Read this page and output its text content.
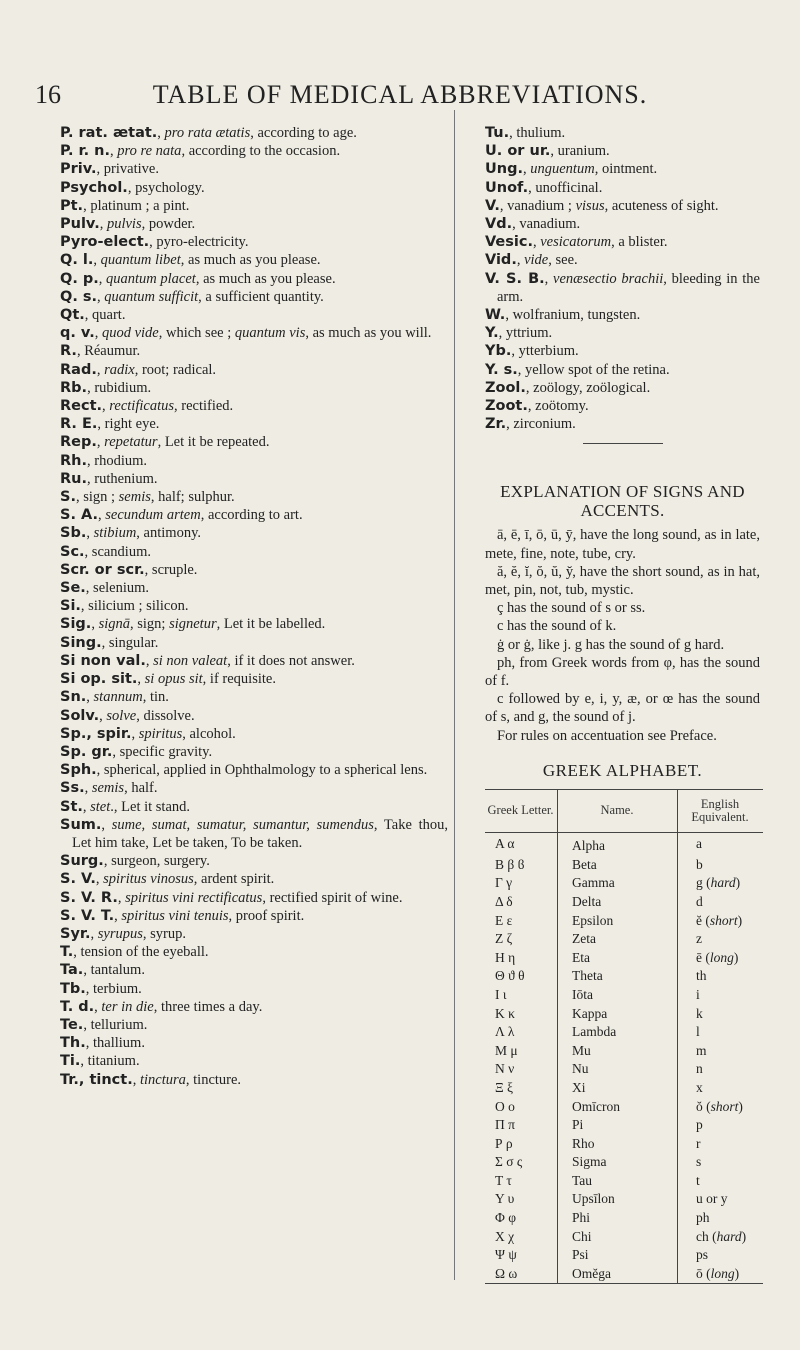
16	TABLE OF MEDICAL ABBREVIATIONS.
P. rat. ætat., pro rata ætatis, according to age.
P. r. n., pro re nata, according to the occasion.
Priv., privative.
Psychol., psychology.
Pt., platinum ; a pint.
Pulv., pulvis, powder.
Pyro-elect., pyro-electricity.
Q. l., quantum libet, as much as you please.
Q. p., quantum placet, as much as you please.
Q. s., quantum sufficit, a sufficient quantity.
Qt., quart.
q. v., quod vide, which see ; quantum vis, as much as you will.
R., Réaumur.
Rad., radix, root; radical.
Rb., rubidium.
Rect., rectificatus, rectified.
R. E., right eye.
Rep., repetatur, Let it be repeated.
Rh., rhodium.
Ru., ruthenium.
S., sign ; semis, half; sulphur.
S. A., secundum artem, according to art.
Sb., stibium, antimony.
Sc., scandium.
Scr. or scr., scruple.
Se., selenium.
Si., silicium ; silicon.
Sig., signā, sign; signetur, Let it be labelled.
Sing., singular.
Si non val., si non valeat, if it does not answer.
Si op. sit., si opus sit, if requisite.
Sn., stannum, tin.
Solv., solve, dissolve.
Sp., spir., spiritus, alcohol.
Sp. gr., specific gravity.
Sph., spherical, applied in Ophthalmology to a spherical lens.
Ss., semis, half.
St., stet., Let it stand.
Sum., sume, sumat, sumatur, sumantur, sumendus, Take thou, Let him take, Let be taken, To be taken.
Surg., surgeon, surgery.
S. V., spiritus vinosus, ardent spirit.
S. V. R., spiritus vini rectificatus, rectified spirit of wine.
S. V. T., spiritus vini tenuis, proof spirit.
Syr., syrupus, syrup.
T., tension of the eyeball.
Ta., tantalum.
Tb., terbium.
T. d., ter in die, three times a day.
Te., tellurium.
Th., thallium.
Ti., titanium.
Tr., tinct., tinctura, tincture.
Tu., thulium.
U. or ur., uranium.
Ung., unguentum, ointment.
Unof., unofficinal.
V., vanadium ; visus, acuteness of sight.
Vd., vanadium.
Vesic., vesicatorum, a blister.
Vid., vide, see.
V. S. B., venæsectio brachii, bleeding in the arm.
W., wolfranium, tungsten.
Y., yttrium.
Yb., ytterbium.
Y. s., yellow spot of the retina.
Zool., zoölogy, zoölogical.
Zoot., zoötomy.
Zr., zirconium.
EXPLANATION OF SIGNS AND ACCENTS.
ā, ē, ī, ō, ū, ȳ, have the long sound, as in late, mete, fine, note, tube, cry.
ă, ĕ, ĭ, ŏ, ŭ, y̆, have the short sound, as in hat, met, pin, not, tub, mystic.
ç has the sound of s or ss.
c has the sound of k.
ġ or ġ, like j. g has the sound of g hard.
ph, from Greek words from φ, has the sound of f.
c followed by e, i, y, æ, or œ has the sound of s, and g, the sound of j.
For rules on accentuation see Preface.
GREEK ALPHABET.
Greek Letter.	Name.	English Equivalent.
Α α	Alpha	a
Β β ϐ	Beta	b
Γ γ	Gamma	g (hard)
Δ δ	Delta	d
Ε ε	Epsilon	ĕ (short)
Ζ ζ	Zeta	z
Η η	Eta	ē (long)
Θ ϑ θ	Theta	th
Ι ι	Iōta	i
Κ κ	Kappa	k
Λ λ	Lambda	l
Μ μ	Mu	m
Ν ν	Nu	n
Ξ ξ	Xi	x
Ο ο	Omīcron	ŏ (short)
Π π	Pi	p
Ρ ρ	Rho	r
Σ σ ς	Sigma	s
Τ τ	Tau	t
Υ υ	Upsīlon	u or y
Φ φ	Phi	ph
Χ χ	Chi	ch (hard)
Ψ ψ	Psi	ps
Ω ω	Omĕga	ō (long)
